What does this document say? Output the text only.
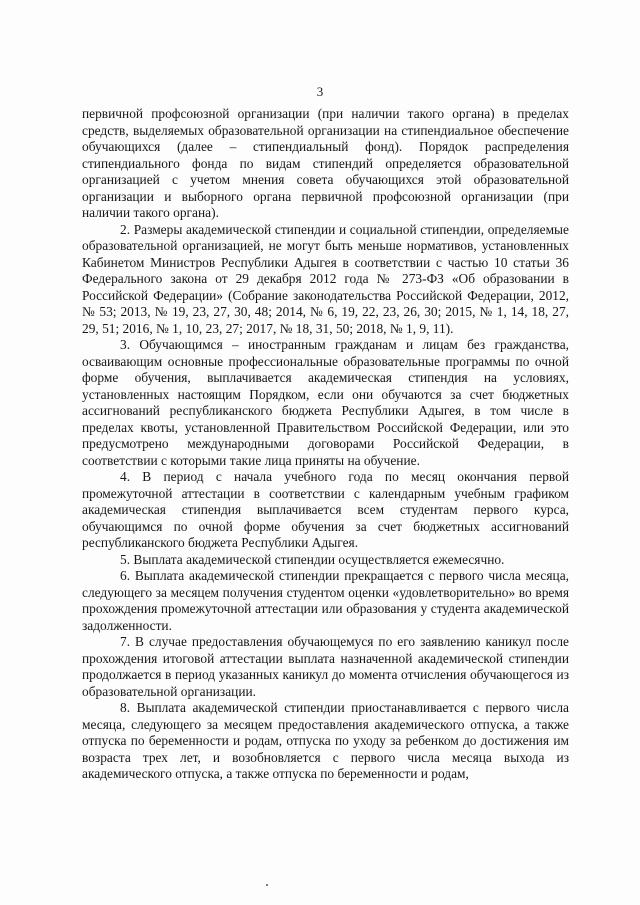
3

первичной профсоюзной организации (при наличии такого органа) в пределах средств, выделяемых образовательной организации на стипендиальное обеспечение обучающихся (далее – стипендиальный фонд). Порядок распределения стипендиального фонда по видам стипендий определяется образовательной организацией с учетом мнения совета обучающихся этой образовательной организации и выборного органа первичной профсоюзной организации (при наличии такого органа).

2. Размеры академической стипендии и социальной стипендии, определяемые образовательной организацией, не могут быть меньше нормативов, установленных Кабинетом Министров Республики Адыгея в соответствии с частью 10 статьи 36 Федерального закона от 29 декабря 2012 года № 273-ФЗ «Об образовании в Российской Федерации» (Собрание законодательства Российской Федерации, 2012, № 53; 2013, № 19, 23, 27, 30, 48; 2014, № 6, 19, 22, 23, 26, 30; 2015, № 1, 14, 18, 27, 29, 51; 2016, № 1, 10, 23, 27; 2017, № 18, 31, 50; 2018, № 1, 9, 11).

3. Обучающимся – иностранным гражданам и лицам без гражданства, осваивающим основные профессиональные образовательные программы по очной форме обучения, выплачивается академическая стипендия на условиях, установленных настоящим Порядком, если они обучаются за счет бюджетных ассигнований республиканского бюджета Республики Адыгея, в том числе в пределах квоты, установленной Правительством Российской Федерации, или это предусмотрено международными договорами Российской Федерации, в соответствии с которыми такие лица приняты на обучение.

4. В период с начала учебного года по месяц окончания первой промежуточной аттестации в соответствии с календарным учебным графиком академическая стипендия выплачивается всем студентам первого курса, обучающимся по очной форме обучения за счет бюджетных ассигнований республиканского бюджета Республики Адыгея.

5. Выплата академической стипендии осуществляется ежемесячно.

6. Выплата академической стипендии прекращается с первого числа месяца, следующего за месяцем получения студентом оценки «удовлетворительно» во время прохождения промежуточной аттестации или образования у студента академической задолженности.

7. В случае предоставления обучающемуся по его заявлению каникул после прохождения итоговой аттестации выплата назначенной академической стипендии продолжается в период указанных каникул до момента отчисления обучающегося из образовательной организации.

8. Выплата академической стипендии приостанавливается с первого числа месяца, следующего за месяцем предоставления академического отпуска, а также отпуска по беременности и родам, отпуска по уходу за ребенком до достижения им возраста трех лет, и возобновляется с первого числа месяца выхода из академического отпуска, а также отпуска по беременности и родам,
